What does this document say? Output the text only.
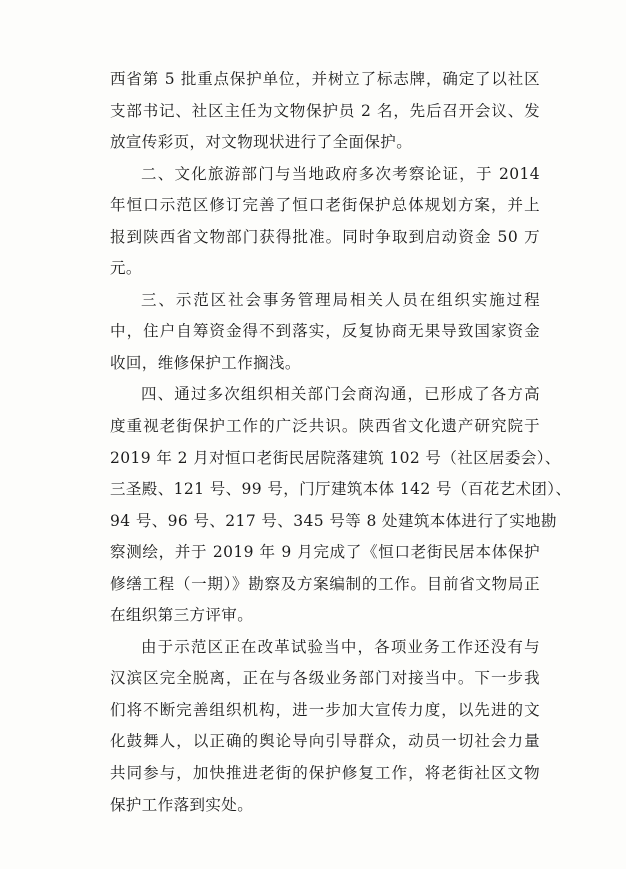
西省第 5 批重点保护单位，并树立了标志牌，确定了以社区
支部书记、社区主任为文物保护员 2 名，先后召开会议、发
放宣传彩页，对文物现状进行了全面保护。
二、文化旅游部门与当地政府多次考察论证，于 2014
年恒口示范区修订完善了恒口老街保护总体规划方案，并上
报到陕西省文物部门获得批准。同时争取到启动资金 50 万
元。
三、示范区社会事务管理局相关人员在组织实施过程
中，住户自筹资金得不到落实，反复协商无果导致国家资金
收回，维修保护工作搁浅。
四、通过多次组织相关部门会商沟通，已形成了各方高
度重视老街保护工作的广泛共识。陕西省文化遗产研究院于
2019 年 2 月对恒口老街民居院落建筑 102 号（社区居委会）、
三圣殿、121 号、99 号，门厅建筑本体 142 号（百花艺术团）、
94 号、96 号、217 号、345 号等 8 处建筑本体进行了实地勘
察测绘，并于 2019 年 9 月完成了《恒口老街民居本体保护
修缮工程（一期）》勘察及方案编制的工作。目前省文物局正
在组织第三方评审。
由于示范区正在改革试验当中，各项业务工作还没有与
汉滨区完全脱离，正在与各级业务部门对接当中。下一步我
们将不断完善组织机构，进一步加大宣传力度，以先进的文
化鼓舞人，以正确的舆论导向引导群众，动员一切社会力量
共同参与，加快推进老街的保护修复工作，将老街社区文物
保护工作落到实处。
